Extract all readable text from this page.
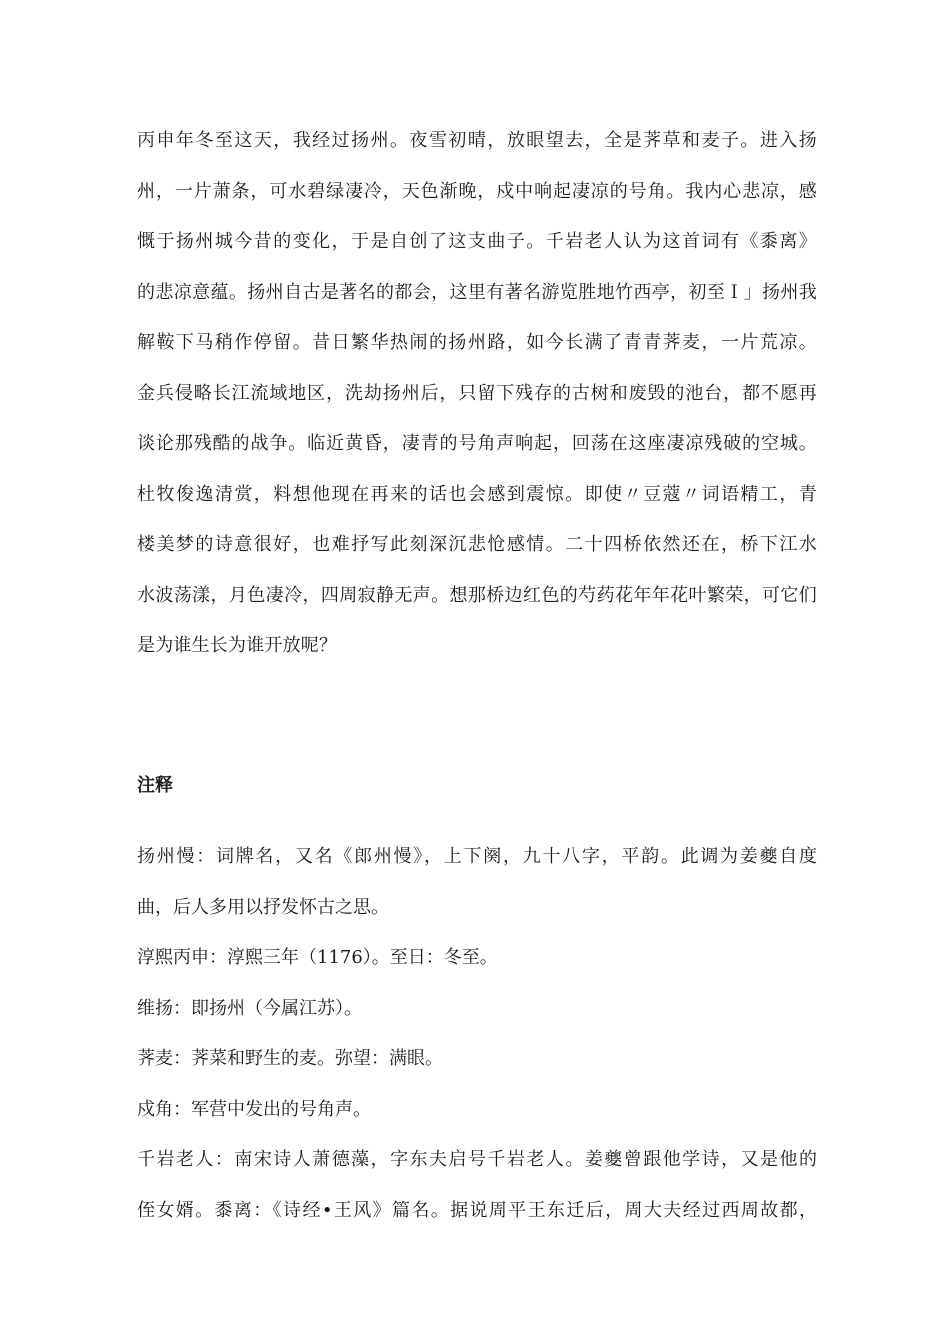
丙申年冬至这天，我经过扬州。夜雪初晴，放眼望去，全是荠草和麦子。进入扬
州，一片萧条，可水碧绿凄冷，天色渐晚，戍中响起凄凉的号角。我内心悲凉，感
慨于扬州城今昔的变化，于是自创了这支曲子。千岩老人认为这首词有《黍离》
的悲凉意蕴。扬州自古是著名的都会，这里有著名游览胜地竹西亭，初至Ｉ」扬州我
解鞍下马稍作停留。昔日繁华热闹的扬州路，如今长满了青青荠麦，一片荒凉。
金兵侵略长江流域地区，洗劫扬州后，只留下残存的古树和废毁的池台，都不愿再
谈论那残酷的战争。临近黄昏，凄青的号角声响起，回荡在这座凄凉残破的空城。
杜牧俊逸清赏，料想他现在再来的话也会感到震惊。即使〃豆蔻〃词语精工，青
楼美梦的诗意很好，也难抒写此刻深沉悲怆感情。二十四桥依然还在，桥下江水
水波荡漾，月色凄冷，四周寂静无声。想那桥边红色的芍药花年年花叶繁荣，可它们
是为谁生长为谁开放呢？
注释
扬州慢：词牌名，又名《郎州慢》，上下阕，九十八字，平韵。此调为姜夔自度
曲，后人多用以抒发怀古之思。
淳熙丙申：淳熙三年（1176）。至日：冬至。
维扬：即扬州（今属江苏）。
荠麦：荠菜和野生的麦。弥望：满眼。
戍角：军营中发出的号角声。
千岩老人：南宋诗人萧德藻，字东夫启号千岩老人。姜夔曾跟他学诗，又是他的
侄女婿。黍离：《诗经•王风》篇名。据说周平王东迁后，周大夫经过西周故都，
